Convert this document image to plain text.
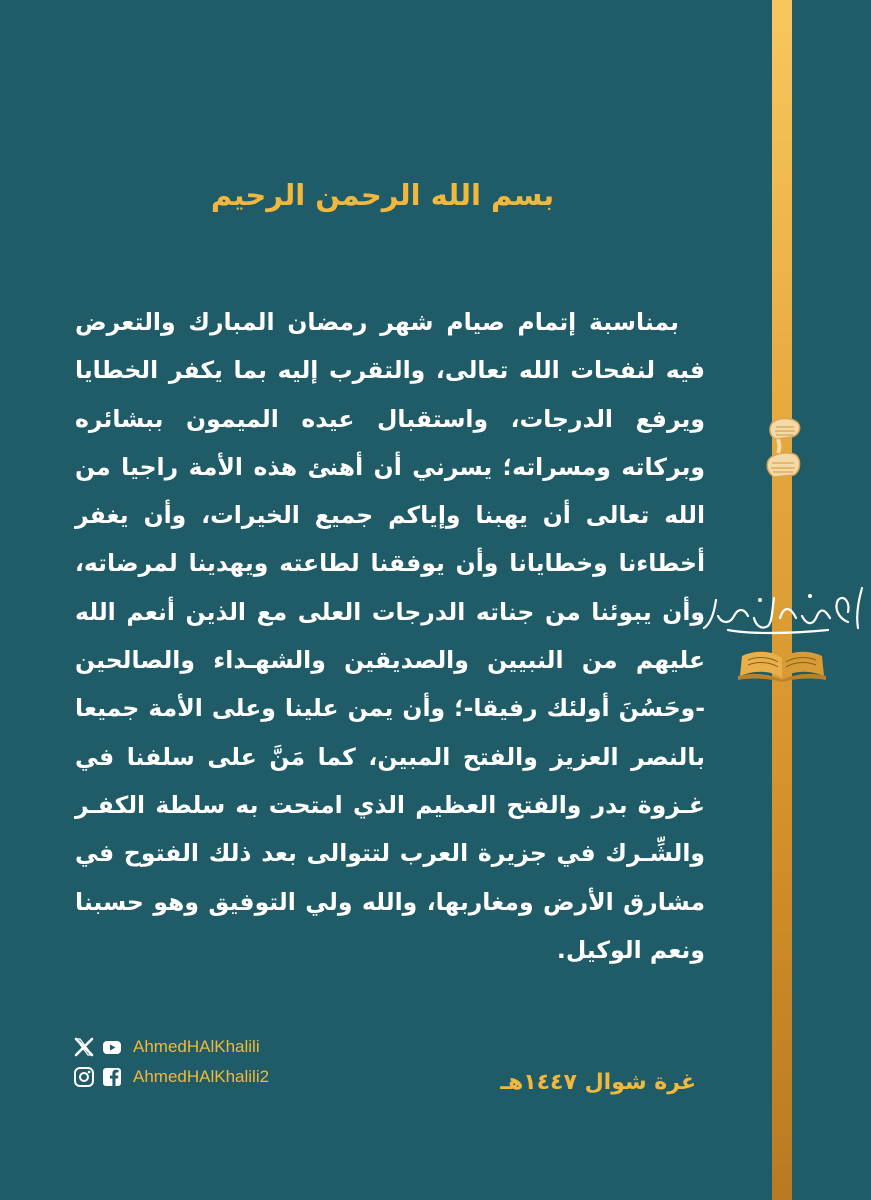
بسم الله الرحمن الرحيم

بمناسبة إتمام صيام شهر رمضان المبارك والتعرض فيه لنفحات الله تعالى، والتقرب إليه بما يكفر الخطايا ويرفع الدرجات، واستقبال عيده الميمون ببشائره وبركاته ومسراته؛ يسرني أن أهنئ هذه الأمة راجيا من الله تعالى أن يهبنا وإياكم جميع الخيرات، وأن يغفر أخطاءنا وخطايانا وأن يوفقنا لطاعته ويهدينا لمرضاته، وأن يبوئنا من جناته الدرجات العلى مع الذين أنعم الله عليهم من النبيين والصديقين والشهـداء والصالحين -وحَسُنَ أولئك رفيقا-؛ وأن يمن علينا وعلى الأمة جميعا بالنصر العزيز والفتح المبين، كما مَنَّ على سلفنا في غـزوة بدر والفتح العظيم الذي امتحت به سلطة الكفـر والشِّـرك في جزيرة العرب لتتوالى بعد ذلك الفتوح في مشارق الأرض ومغاربها، والله ولي التوفيق وهو حسبنا ونعم الوكيل.

AhmedHAlKhalili
AhmedHAlKhalili2	غرة شوال ١٤٤٧هـ
